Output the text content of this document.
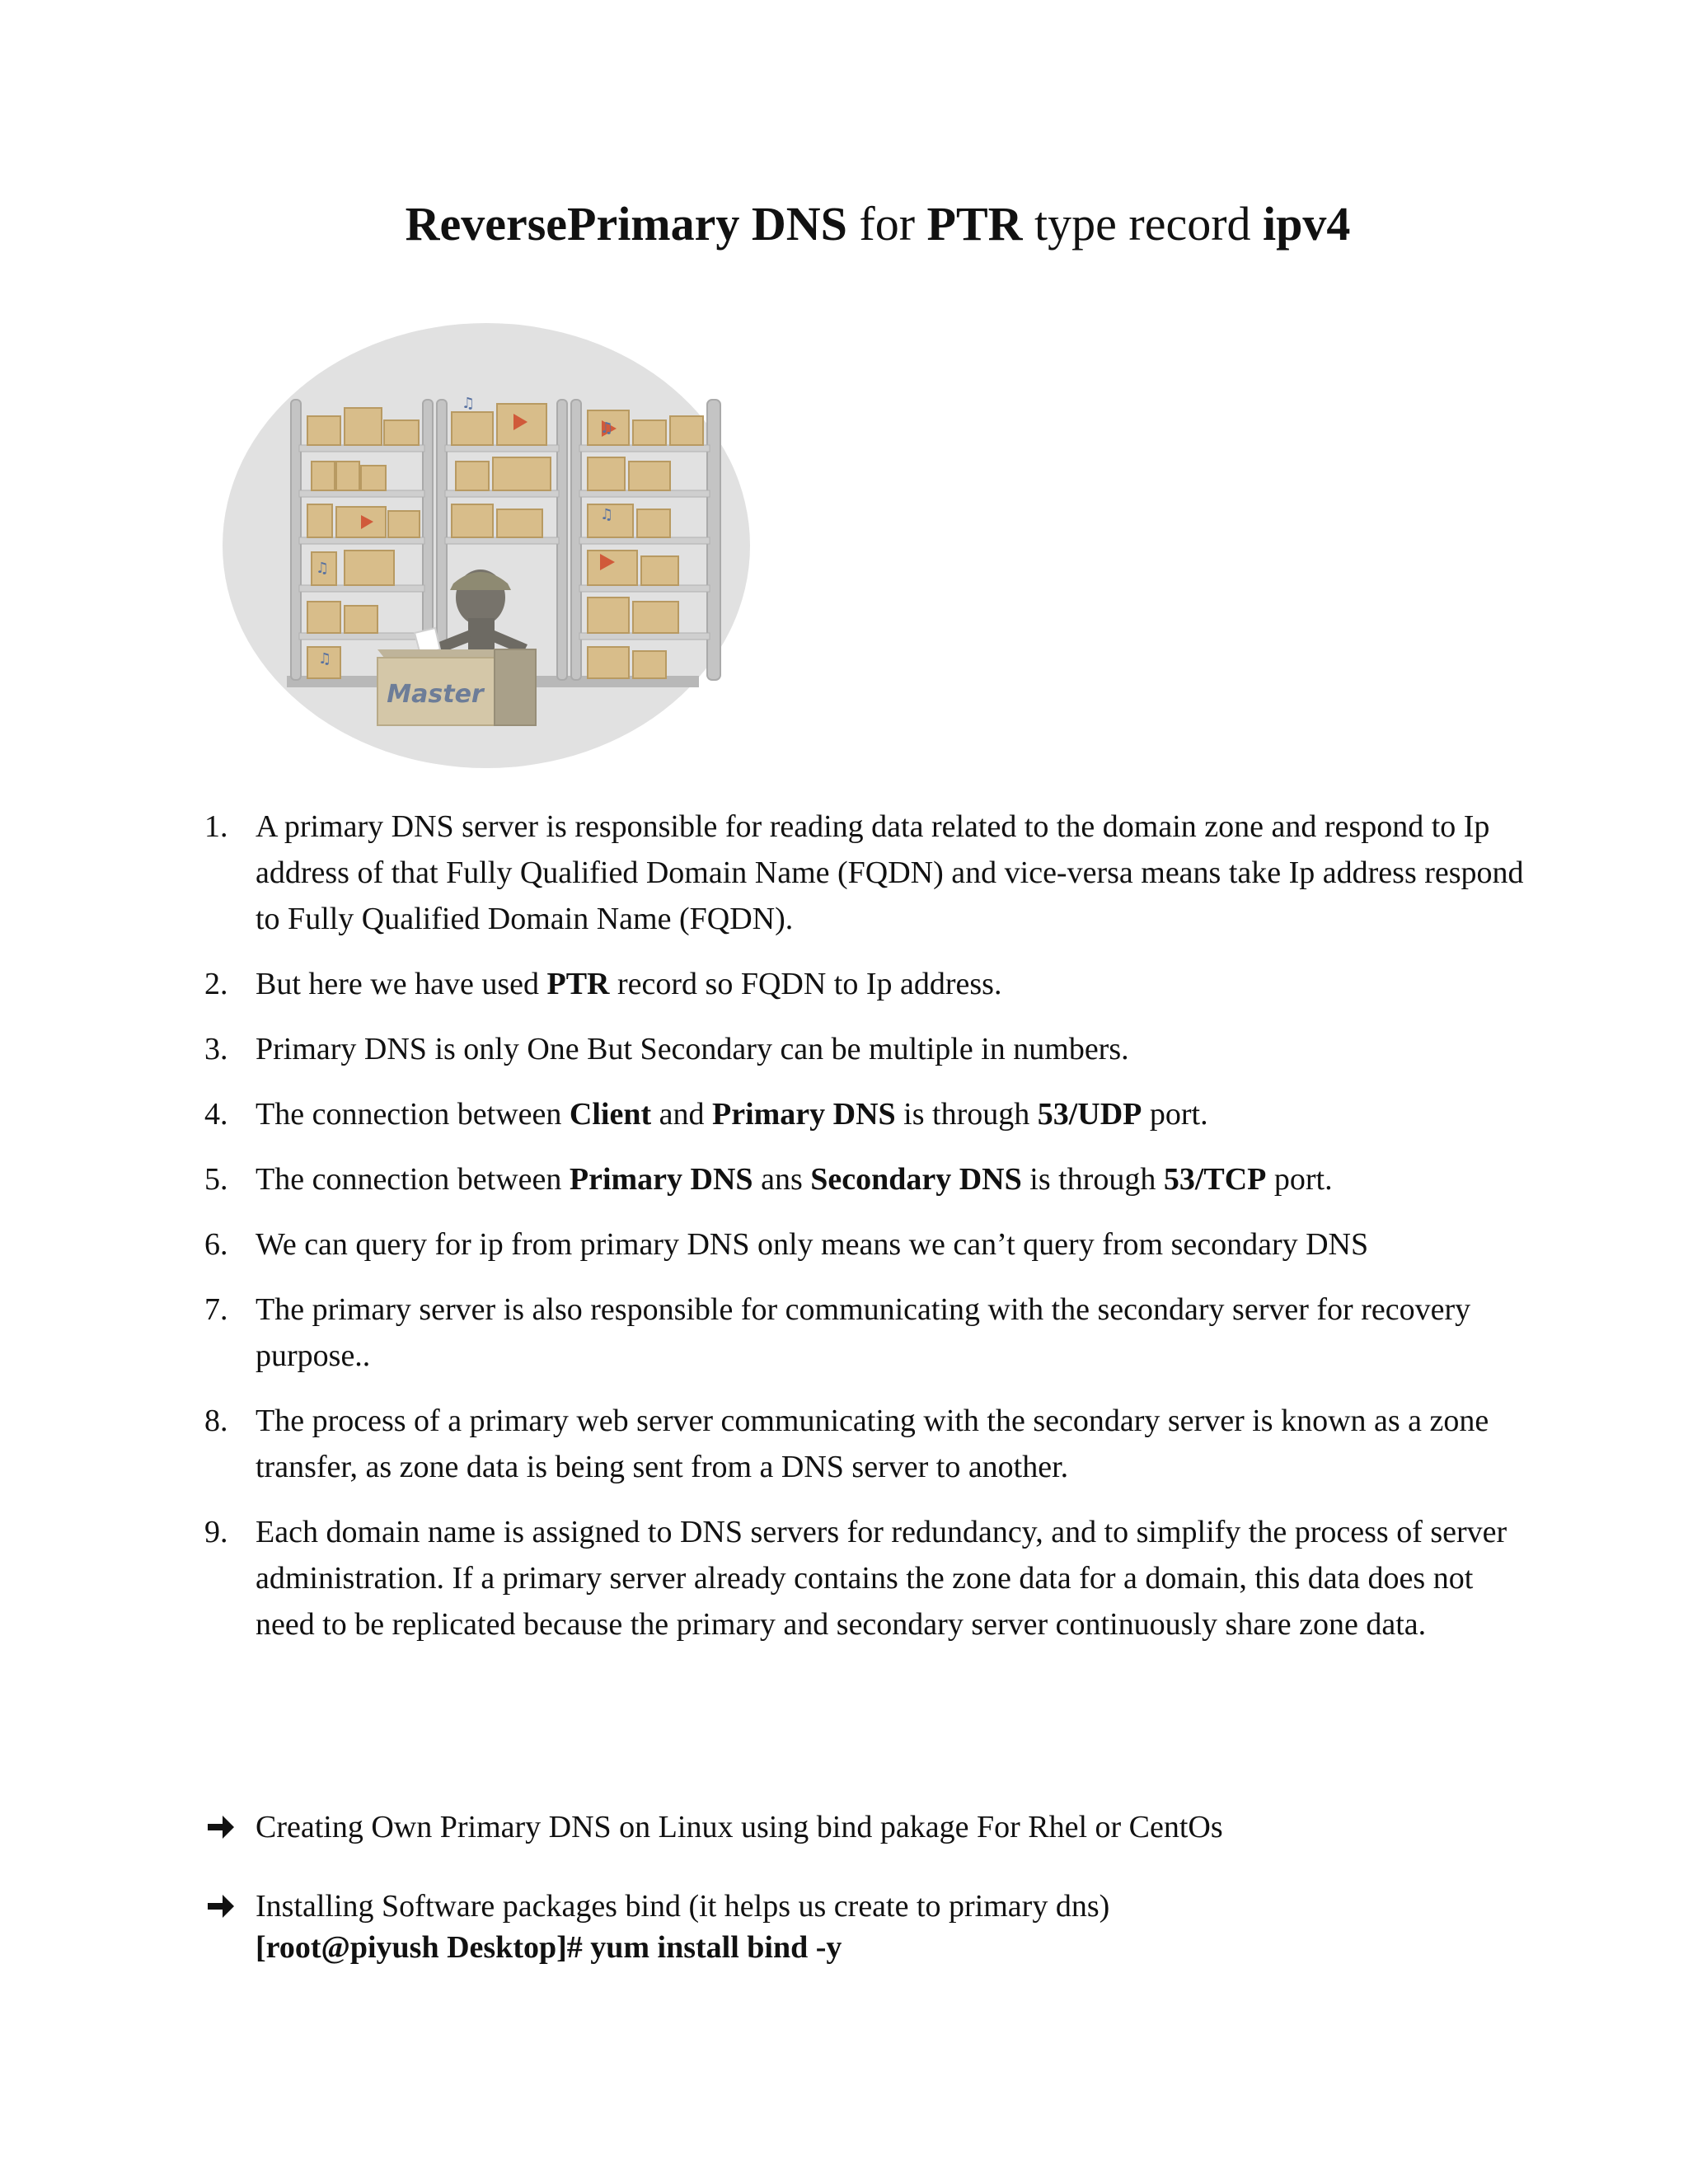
ReversePrimary DNS for PTR type record ipv4
♫
♫
♫
♫
♫
Master
1. A primary DNS server is responsible for reading data related to the domain zone and respond to Ip address of that Fully Qualified Domain Name (FQDN) and vice-versa means take Ip address respond to Fully Qualified Domain Name (FQDN).
2. But here we have used PTR record so FQDN to Ip address.
3. Primary DNS is only One But Secondary can be multiple in numbers.
4. The connection between Client and Primary DNS is through 53/UDP port.
5. The connection between Primary DNS ans Secondary DNS is through 53/TCP port.
6. We can query for ip from primary DNS only means we can’t query from secondary DNS
7. The primary server is also responsible for communicating with the secondary server for recovery purpose..
8. The process of a primary web server communicating with the secondary server is known as a zone transfer, as zone data is being sent from a DNS server to another.
9. Each domain name is assigned to DNS servers for redundancy, and to simplify the process of server administration. If a primary server already contains the zone data for a domain, this data does not need to be replicated because the primary and secondary server continuously share zone data.
Creating Own Primary DNS on Linux using bind pakage For Rhel or CentOs
Installing Software packages bind (it helps us create to primary dns)
[root@piyush Desktop]# yum install bind -y
